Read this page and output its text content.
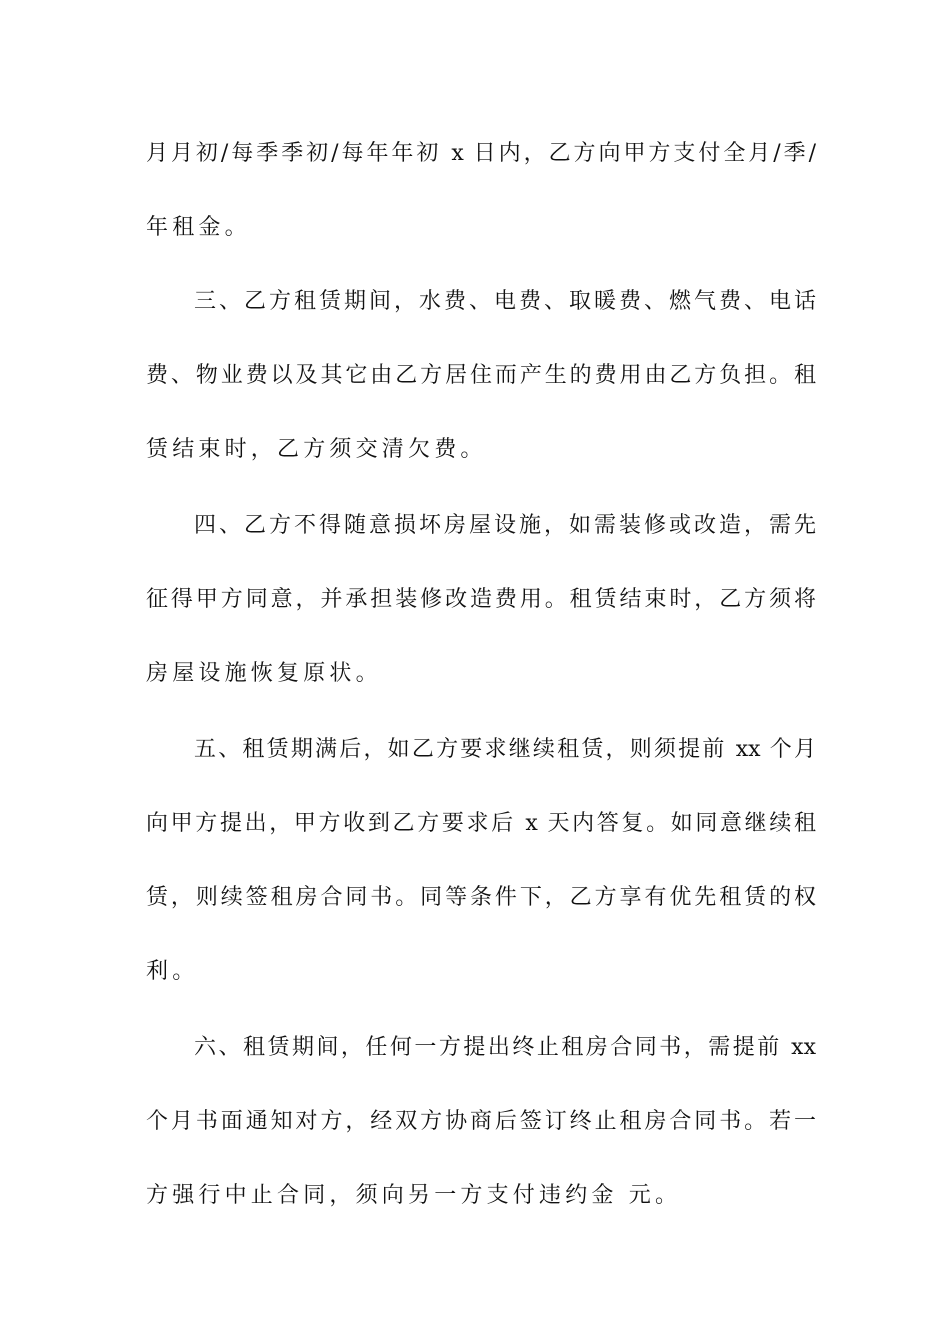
月月初/每季季初/每年年初 x 日内，乙方向甲方支付全月/季/
年租金。
三、乙方租赁期间，水费、电费、取暖费、燃气费、电话
费、物业费以及其它由乙方居住而产生的费用由乙方负担。租
赁结束时，乙方须交清欠费。
四、乙方不得随意损坏房屋设施，如需装修或改造，需先
征得甲方同意，并承担装修改造费用。租赁结束时，乙方须将
房屋设施恢复原状。
五、租赁期满后，如乙方要求继续租赁，则须提前 xx 个月
向甲方提出，甲方收到乙方要求后 x 天内答复。如同意继续租
赁，则续签租房合同书。同等条件下，乙方享有优先租赁的权
利。
六、租赁期间，任何一方提出终止租房合同书，需提前 xx
个月书面通知对方，经双方协商后签订终止租房合同书。若一
方强行中止合同，须向另一方支付违约金 元。
